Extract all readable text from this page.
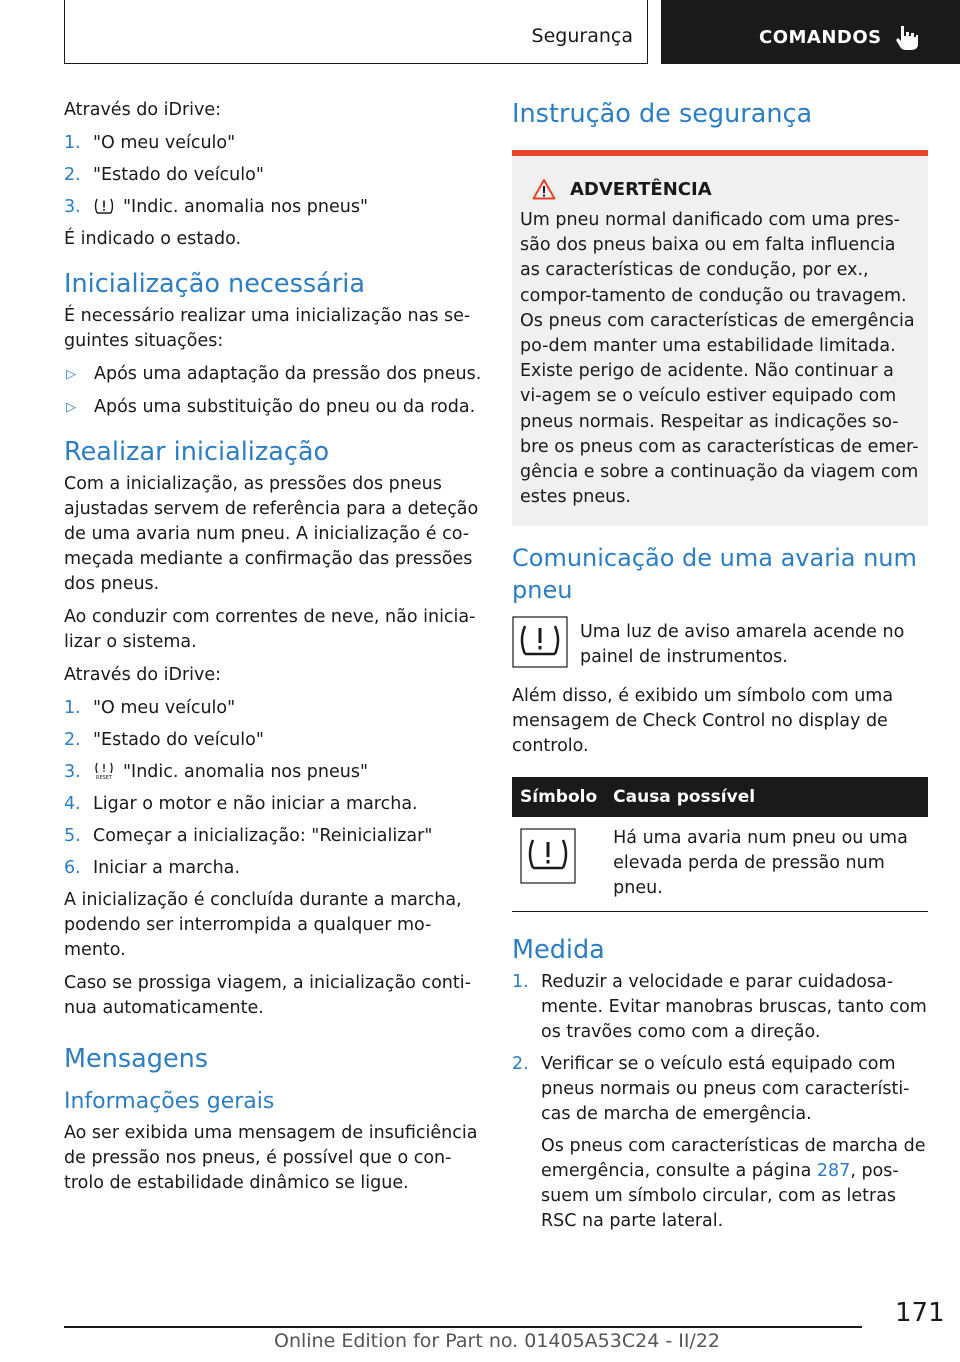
Segurança	COMANDOS

Através do iDrive:

1. "O meu veículo"
2. "Estado do veículo"
3. "Indic. anomalia nos pneus"

É indicado o estado.

Inicialização necessária

É necessário realizar uma inicialização nas se-guintes situações:

▷ Após uma adaptação da pressão dos pneus.
▷ Após uma substituição do pneu ou da roda.
Realizar inicialização

Com a inicialização, as pressões dos pneus ajustadas servem de referência para a deteção de uma avaria num pneu. A inicialização é co-meçada mediante a confirmação das pressões dos pneus.

Ao conduzir com correntes de neve, não inicia-lizar o sistema.

Através do iDrive:

1. "O meu veículo"
2. "Estado do veículo"
3.	RESET "Indic. anomalia nos pneus"
4. Ligar o motor e não iniciar a marcha.
5. Começar a inicialização: "Reinicializar"
6. Iniciar a marcha.

A inicialização é concluída durante a marcha, podendo ser interrompida a qualquer mo-mento.

Caso se prossiga viagem, a inicialização conti-nua automaticamente.

Mensagens
Informações gerais

Ao ser exibida uma mensagem de insuficiência de pressão nos pneus, é possível que o con-trolo de estabilidade dinâmico se ligue.

Instrução de segurança
ADVERTÊNCIA

Um pneu normal danificado com uma pres-são dos pneus baixa ou em falta influencia as características de condução, por ex., compor-tamento de condução ou travagem. Os pneus com características de emergência po-dem manter uma estabilidade limitada. Existe perigo de acidente. Não continuar a vi-agem se o veículo estiver equipado com pneus normais. Respeitar as indicações so-bre os pneus com as características de emer-gência e sobre a continuação da viagem com estes pneus.

Comunicação de uma avaria num pneu

Uma luz de aviso amarela acende no painel de instrumentos.

Além disso, é exibido um símbolo com uma mensagem de Check Control no display de controlo.

Símbolo	Causa possível

	Há uma avaria num pneu ou uma elevada perda de pressão num pneu.
Medida
1. Reduzir a velocidade e parar cuidadosa-mente. Evitar manobras bruscas, tanto com os travões como com a direção.
2. Verificar se o veículo está equipado com pneus normais ou pneus com característi-cas de marcha de emergência.

Os pneus com características de marcha de emergência, consulte a página 287, pos-suem um símbolo circular, com as letras RSC na parte lateral.

171
Online Edition for Part no. 01405A53C24 - II/22
